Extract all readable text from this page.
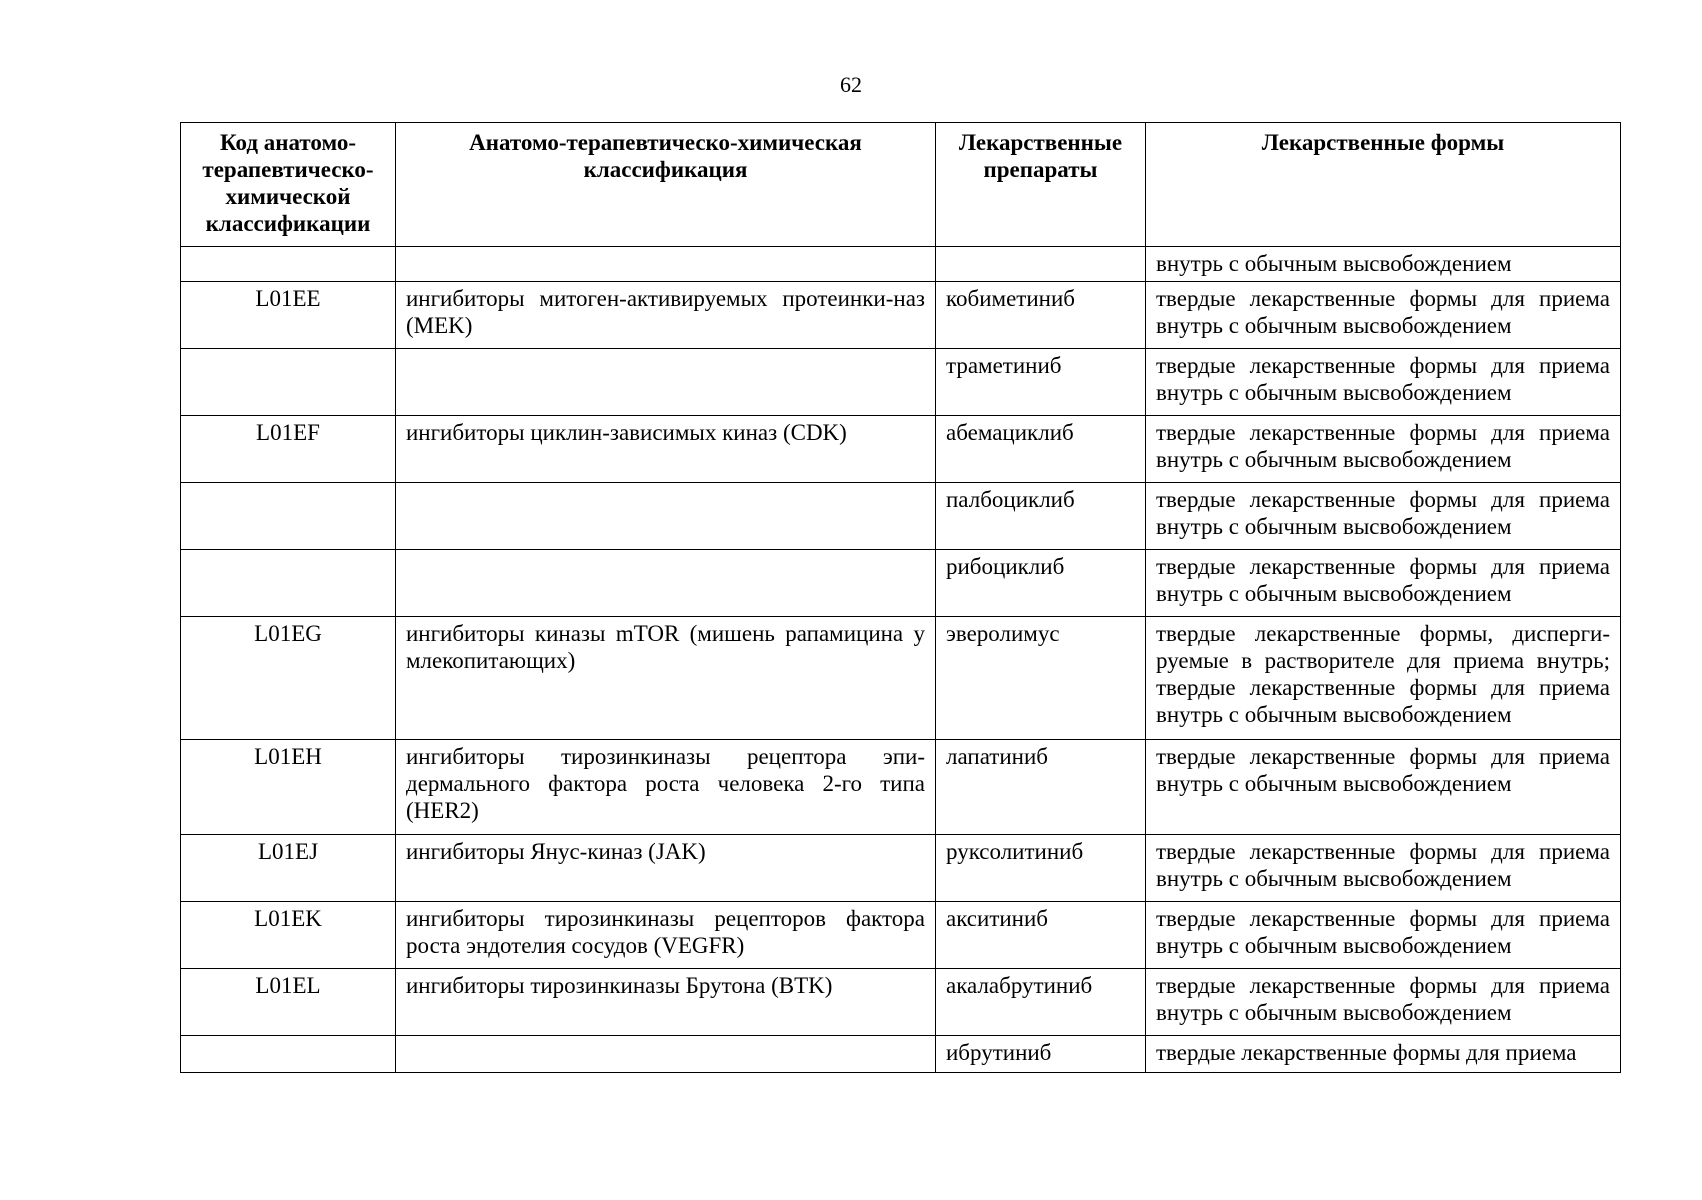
62
Код анатомо-терапевтическо-химической классификации	Анатомо-терапевтическо-химическая классификация	Лекарственные препараты	Лекарственные формы
			внутрь с обычным высвобождением
L01EE	ингибиторы митоген-активируемых протеинки-наз (MEK)	кобиметиниб	твердые лекарственные формы для приема внутрь с обычным высвобождением
		траметиниб	твердые лекарственные формы для приема внутрь с обычным высвобождением
L01EF	ингибиторы циклин-зависимых киназ (CDK)	абемациклиб	твердые лекарственные формы для приема внутрь с обычным высвобождением
		палбоциклиб	твердые лекарственные формы для приема внутрь с обычным высвобождением
		рибоциклиб	твердые лекарственные формы для приема внутрь с обычным высвобождением
L01EG	ингибиторы киназы mTOR (мишень рапамицина у млекопитающих)	эверолимус	твердые лекарственные формы, дисперги-руемые в растворителе для приема внутрь; твердые лекарственные формы для приема внутрь с обычным высвобождением
L01EH	ингибиторы тирозинкиназы рецептора эпи-дермального фактора роста человека 2-го типа (HER2)	лапатиниб	твердые лекарственные формы для приема внутрь с обычным высвобождением
L01EJ	ингибиторы Янус-киназ (JAK)	руксолитиниб	твердые лекарственные формы для приема внутрь с обычным высвобождением
L01EK	ингибиторы тирозинкиназы рецепторов фактора роста эндотелия сосудов (VEGFR)	акситиниб	твердые лекарственные формы для приема внутрь с обычным высвобождением
L01EL	ингибиторы тирозинкиназы Брутона (BTK)	акалабрутиниб	твердые лекарственные формы для приема внутрь с обычным высвобождением
		ибрутиниб	твердые лекарственные формы для приема
